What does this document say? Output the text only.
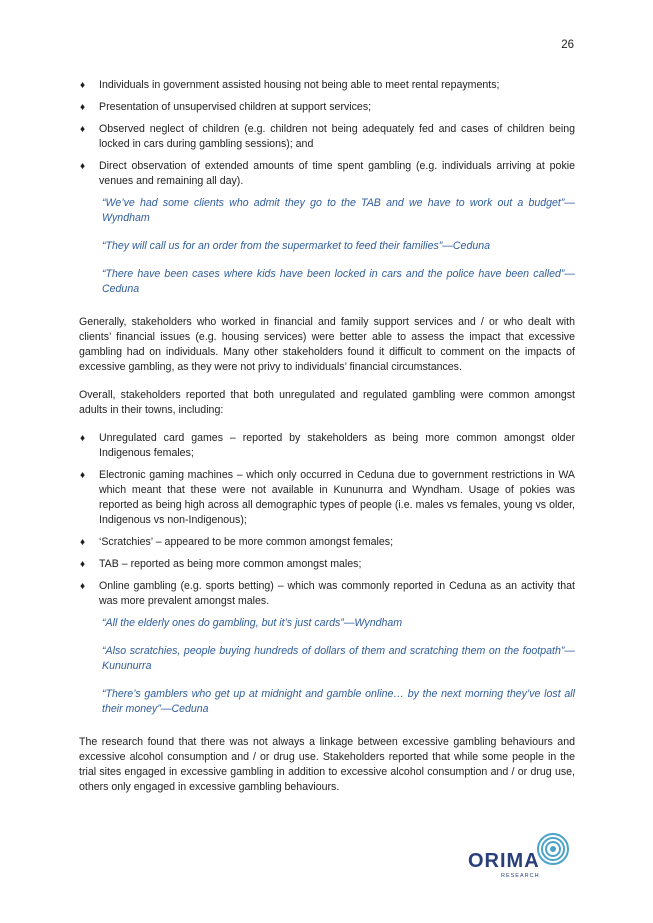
26
♦
Individuals in government assisted housing not being able to meet rental repayments;
♦
Presentation of unsupervised children at support services;
♦
Observed neglect of children (e.g. children not being adequately fed and cases of children being locked in cars during gambling sessions); and
♦
Direct observation of extended amounts of time spent gambling (e.g. individuals arriving at pokie venues and remaining all day).

“We’ve had some clients who admit they go to the TAB and we have to work out a budget”—Wyndham

“They will call us for an order from the supermarket to feed their families”—Ceduna

“There have been cases where kids have been locked in cars and the police have been called”—Ceduna

Generally, stakeholders who worked in financial and family support services and / or who dealt with clients’ financial issues (e.g. housing services) were better able to assess the impact that excessive gambling had on individuals. Many other stakeholders found it difficult to comment on the impacts of excessive gambling, as they were not privy to individuals’ financial circumstances.

Overall, stakeholders reported that both unregulated and regulated gambling were common amongst adults in their towns, including:

♦
Unregulated card games – reported by stakeholders as being more common amongst older Indigenous females;
♦
Electronic gaming machines – which only occurred in Ceduna due to government restrictions in WA which meant that these were not available in Kununurra and Wyndham. Usage of pokies was reported as being high across all demographic types of people (i.e. males vs females, young vs older, Indigenous vs non-Indigenous);
♦
‘Scratchies’ – appeared to be more common amongst females;
♦
TAB – reported as being more common amongst males;
♦
Online gambling (e.g. sports betting) – which was commonly reported in Ceduna as an activity that was more prevalent amongst males.

“All the elderly ones do gambling, but it’s just cards”—Wyndham

“Also scratchies, people buying hundreds of dollars of them and scratching them on the footpath”—Kununurra

“There’s gamblers who get up at midnight and gamble online… by the next morning they’ve lost all their money”—Ceduna

The research found that there was not always a linkage between excessive gambling behaviours and excessive alcohol consumption and / or drug use. Stakeholders reported that while some people in the trial sites engaged in excessive gambling in addition to excessive alcohol consumption and / or drug use, others only engaged in excessive gambling behaviours.

ORIMA
RESEARCH
